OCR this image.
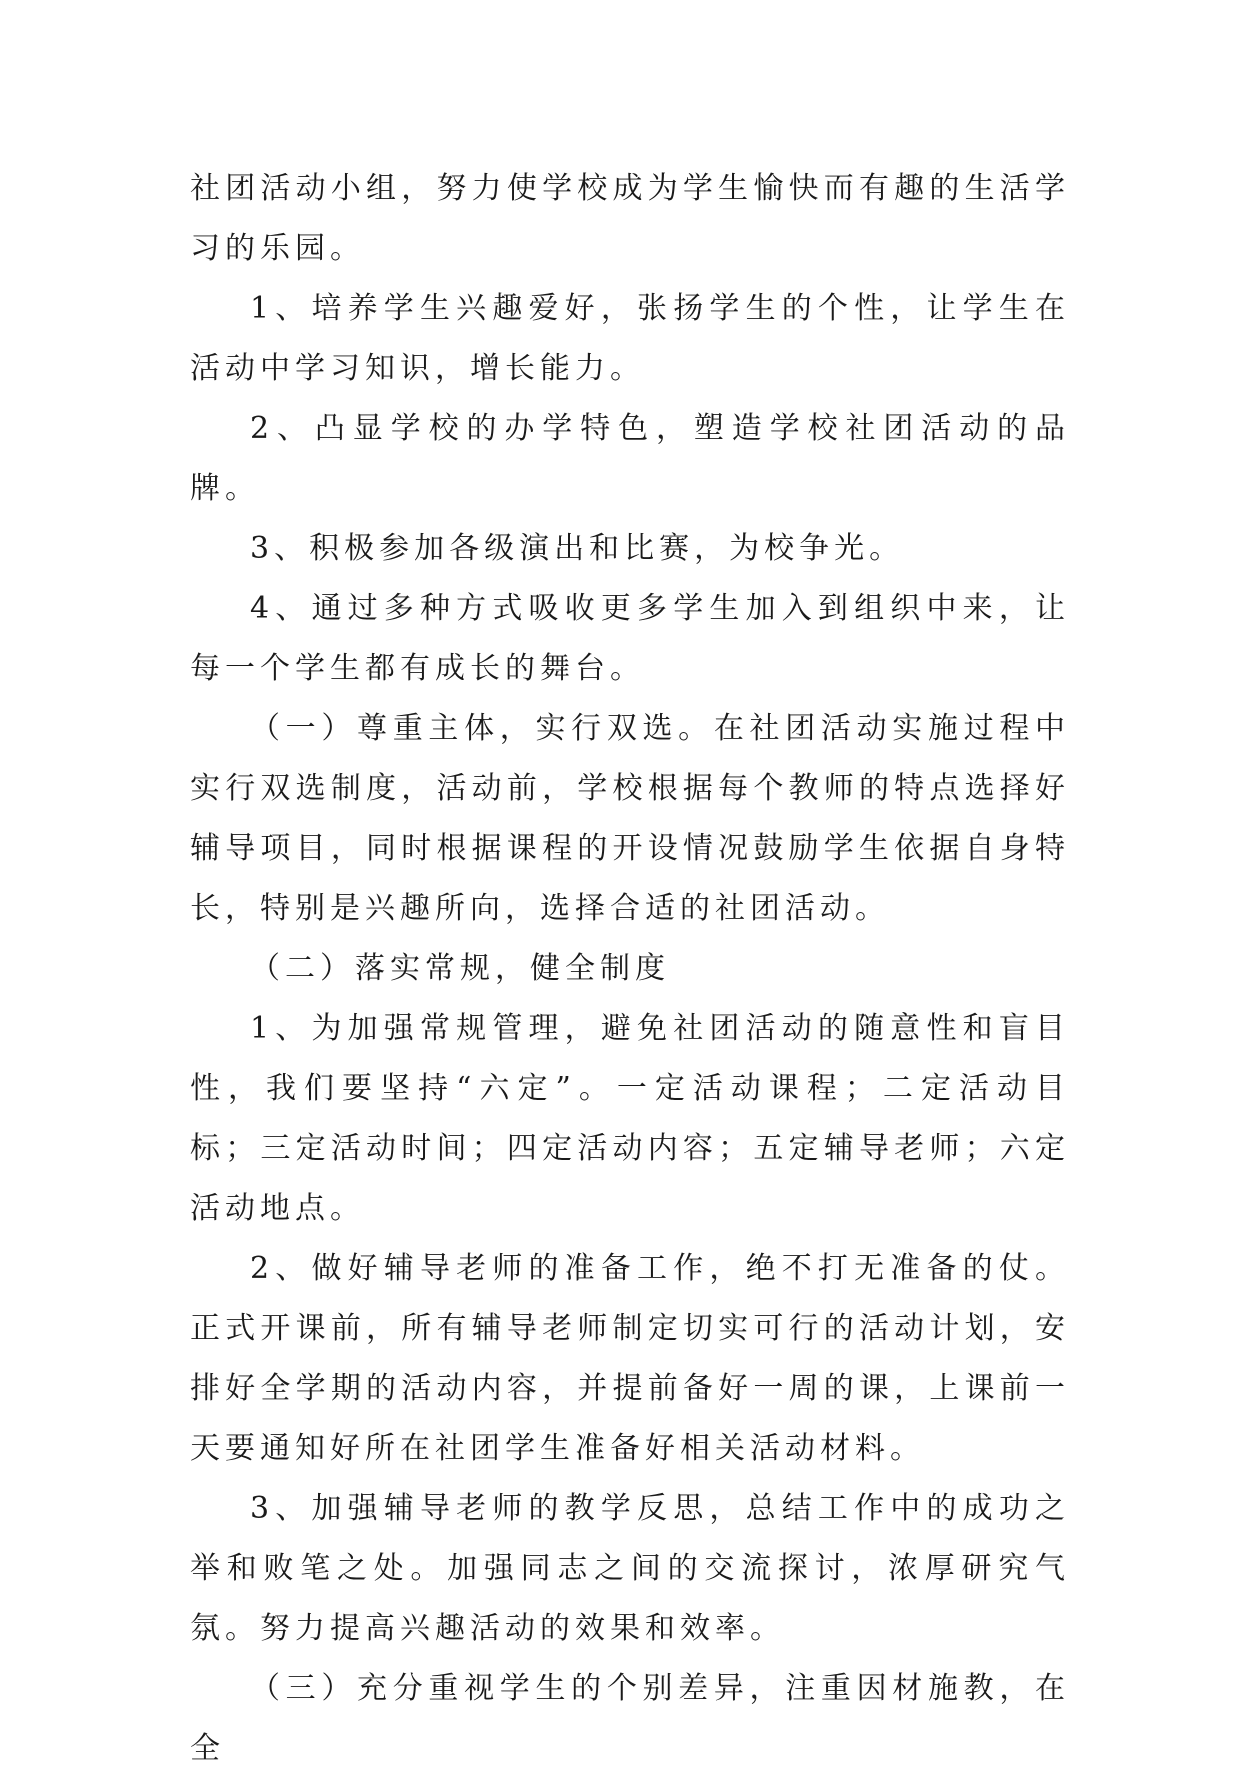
社团活动小组，努力使学校成为学生愉快而有趣的生活学习的乐园。

1、培养学生兴趣爱好，张扬学生的个性，让学生在活动中学习知识，增长能力。

2、凸显学校的办学特色，塑造学校社团活动的品牌。

3、积极参加各级演出和比赛，为校争光。

4、通过多种方式吸收更多学生加入到组织中来，让每一个学生都有成长的舞台。

（一）尊重主体，实行双选。在社团活动实施过程中实行双选制度，活动前，学校根据每个教师的特点选择好辅导项目，同时根据课程的开设情况鼓励学生依据自身特长，特别是兴趣所向，选择合适的社团活动。

（二）落实常规，健全制度

1、为加强常规管理，避免社团活动的随意性和盲目性，我们要坚持“六定”。一定活动课程；二定活动目标；三定活动时间；四定活动内容；五定辅导老师；六定活动地点。

2、做好辅导老师的准备工作，绝不打无准备的仗。正式开课前，所有辅导老师制定切实可行的活动计划，安排好全学期的活动内容，并提前备好一周的课，上课前一天要通知好所在社团学生准备好相关活动材料。

3、加强辅导老师的教学反思，总结工作中的成功之举和败笔之处。加强同志之间的交流探讨，浓厚研究气氛。努力提高兴趣活动的效果和效率。

（三）充分重视学生的个别差异，注重因材施教，在全
